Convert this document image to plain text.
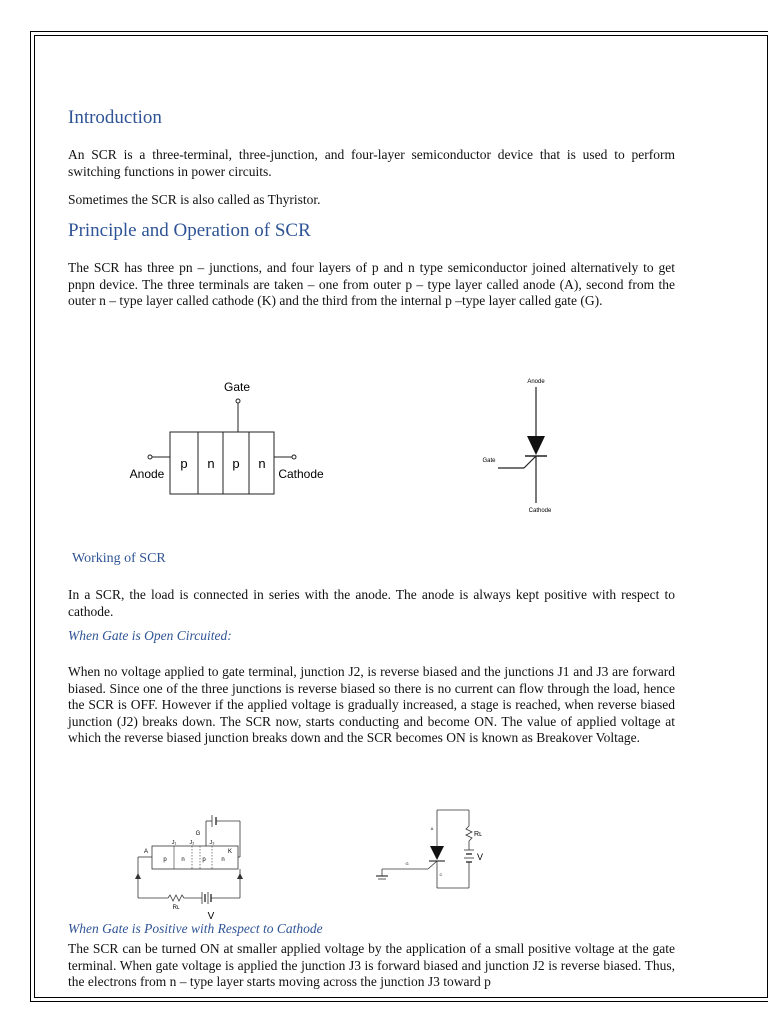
Introduction
An SCR is a three-terminal, three-junction, and four-layer semiconductor device that is used to perform switching functions in power circuits.
Sometimes the SCR is also called as Thyristor.
Principle and Operation of SCR
The SCR has three pn – junctions, and four layers of p and n type semiconductor joined alternatively to get pnpn device. The three terminals are taken – one from outer p – type layer called anode (A), second from the outer n – type layer called cathode (K) and the third from the internal p –type layer called gate (G).
Gate
p n p n
Anode	Cathode
Anode
Gate
Cathode
Working of SCR
In a SCR, the load is connected in series with the anode. The anode is always kept positive with respect to cathode.
When Gate is Open Circuited:
When no voltage applied to gate terminal, junction J2, is reverse biased and the junctions J1 and J3 are forward biased. Since one of the three junctions is reverse biased so there is no current can flow through the load, hence the SCR is OFF. However if the applied voltage is gradually increased, a stage is reached, when reverse biased junction (J2) breaks down. The SCR now, starts conducting and become ON. The value of applied voltage at which the reverse biased junction breaks down and the SCR becomes ON is known as Breakover Voltage.
p n	p	n
J₁ J₂	J₃
A	K
G
Rʟ
V
Rʟ
V
A
G
C
When Gate is Positive with Respect to Cathode
The SCR can be turned ON at smaller applied voltage by the application of a small positive voltage at the gate terminal. When gate voltage is applied the junction J3 is forward biased and junction J2 is reverse biased. Thus, the electrons from n – type layer starts moving across the junction J3 toward p
